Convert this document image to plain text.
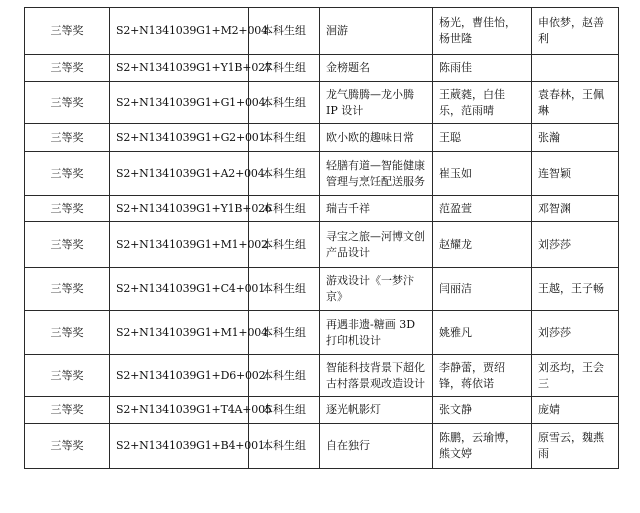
三等奖	S2+N1341039G1+M2+004	本科生组	洄游	杨光，曹佳怡，杨世隆	申依梦，赵善利
三等奖	S2+N1341039G1+Y1B+027	本科生组	金榜题名	陈雨佳	
三等奖	S2+N1341039G1+G1+004	本科生组	龙气腾腾—龙小腾 IP 设计	王葳蕤，白佳乐，范雨晴	袁春林，王佩琳
三等奖	S2+N1341039G1+G2+001	本科生组	欧小欧的趣味日常	王聪	张瀚
三等奖	S2+N1341039G1+A2+004	本科生组	轻膳有道—智能健康管理与烹饪配送服务	崔玉如	连智颖
三等奖	S2+N1341039G1+Y1B+026	本科生组	瑞吉千祥	范盈萱	邓智渊
三等奖	S2+N1341039G1+M1+002	本科生组	寻宝之旅—河博文创产品设计	赵耀龙	刘莎莎
三等奖	S2+N1341039G1+C4+001	本科生组	游戏设计《一梦汴京》	闫丽洁	王越，王子畅
三等奖	S2+N1341039G1+M1+004	本科生组	再遇非遗-糖画 3D 打印机设计	姚雅凡	刘莎莎
三等奖	S2+N1341039G1+D6+002	本科生组	智能科技背景下超化古村落景观改造设计	李静蕾，贾绍锋，蒋依诺	刘丞均，王会三
三等奖	S2+N1341039G1+T4A+005	本科生组	逐光帆影灯	张文静	庞婧
三等奖	S2+N1341039G1+B4+001	本科生组	自在独行	陈鹏，云瑜博，熊文婷	原雪云，魏燕雨
